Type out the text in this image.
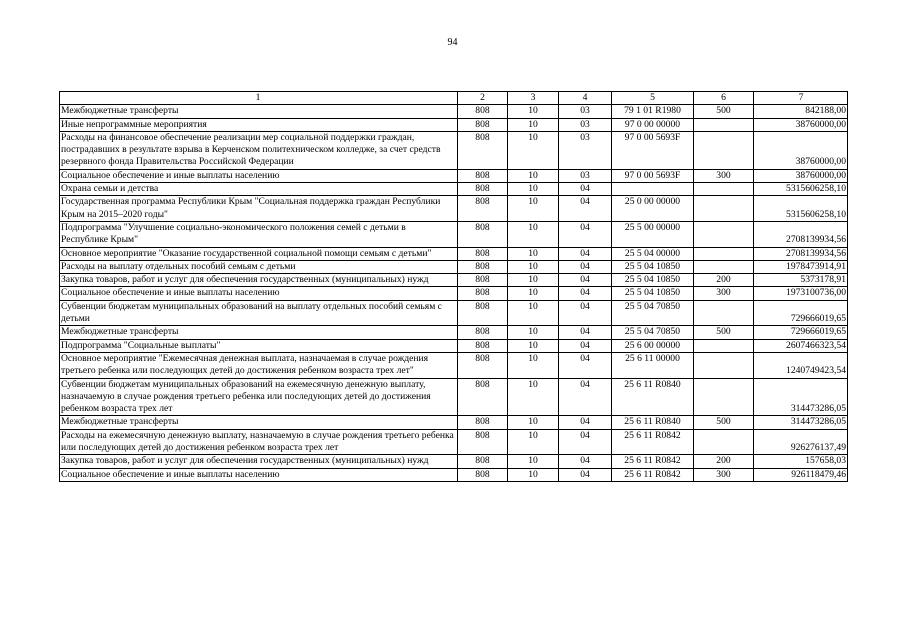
94
1	2	3	4	5	6	7
Межбюджетные трансферты	808	10	03	79 1 01 R1980	500	842188,00
Иные непрограммные мероприятия	808	10	03	97 0 00 00000		38760000,00
Расходы на финансовое обеспечение реализации мер социальной поддержки граждан, пострадавших в результате взрыва в Керченском политехническом колледже, за счет средств резервного фонда Правительства Российской Федерации	808	10	03	97 0 00 5693F		38760000,00
Социальное обеспечение и иные выплаты населению	808	10	03	97 0 00 5693F	300	38760000,00
Охрана семьи и детства	808	10	04			5315606258,10
Государственная программа Республики Крым "Социальная поддержка граждан Республики Крым на 2015–2020 годы"	808	10	04	25 0 00 00000		5315606258,10
Подпрограмма "Улучшение социально-экономического положения семей с детьми в Республике Крым"	808	10	04	25 5 00 00000		2708139934,56
Основное мероприятие "Оказание государственной социальной помощи семьям с детьми"	808	10	04	25 5 04 00000		2708139934,56
Расходы на выплату отдельных пособий семьям с детьми	808	10	04	25 5 04 10850		1978473914,91
Закупка товаров, работ и услуг для обеспечения государственных (муниципальных) нужд	808	10	04	25 5 04 10850	200	5373178,91
Социальное обеспечение и иные выплаты населению	808	10	04	25 5 04 10850	300	1973100736,00
Субвенции бюджетам муниципальных образований на выплату отдельных пособий семьям с детьми	808	10	04	25 5 04 70850		729666019,65
Межбюджетные трансферты	808	10	04	25 5 04 70850	500	729666019,65
Подпрограмма "Социальные выплаты"	808	10	04	25 6 00 00000		2607466323,54
Основное мероприятие "Ежемесячная денежная выплата, назначаемая в случае рождения третьего ребенка или последующих детей до достижения ребенком возраста трех лет"	808	10	04	25 6 11 00000		1240749423,54
Субвенции бюджетам муниципальных образований на ежемесячную денежную выплату, назначаемую в случае рождения третьего ребенка или последующих детей до достижения ребенком возраста трех лет	808	10	04	25 6 11 R0840		314473286,05
Межбюджетные трансферты	808	10	04	25 6 11 R0840	500	314473286,05
Расходы на ежемесячную денежную выплату, назначаемую в случае рождения третьего ребенка или последующих детей до достижения ребенком возраста трех лет	808	10	04	25 6 11 R0842		926276137,49
Закупка товаров, работ и услуг для обеспечения государственных (муниципальных) нужд	808	10	04	25 6 11 R0842	200	157658,03
Социальное обеспечение и иные выплаты населению	808	10	04	25 6 11 R0842	300	926118479,46
